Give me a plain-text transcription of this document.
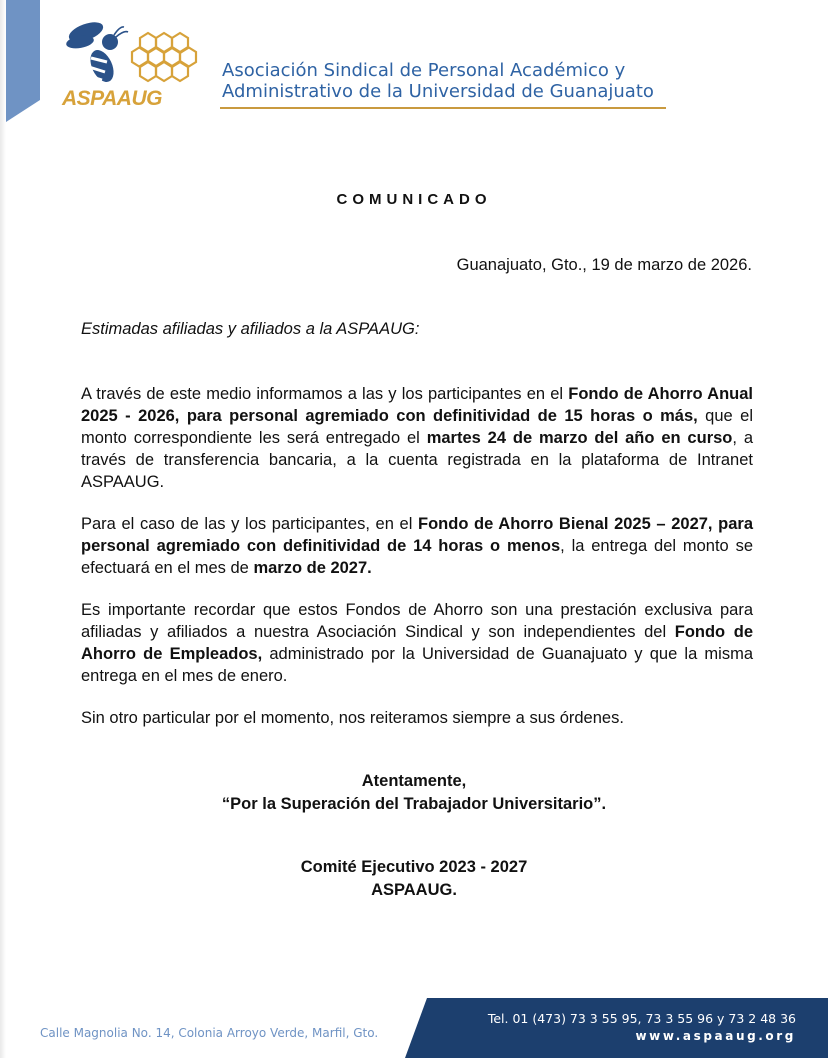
ASPAAUG
Asociación Sindical de Personal Académico y
Administrativo de la Universidad de Guanajuato
COMUNICADO
Guanajuato, Gto., 19 de marzo de 2026.
Estimadas afiliadas y afiliados a la ASPAAUG:
A través de este medio informamos a las y los participantes en el Fondo de Ahorro Anual 2025 - 2026, para personal agremiado con definitividad de 15 horas o más, que el monto correspondiente les será entregado el martes 24 de marzo del año en curso, a través de transferencia bancaria, a la cuenta registrada en la plataforma de Intranet ASPAAUG.
Para el caso de las y los participantes, en el Fondo de Ahorro Bienal 2025 – 2027, para personal agremiado con definitividad de 14 horas o menos, la entrega del monto se efectuará en el mes de marzo de 2027.
Es importante recordar que estos Fondos de Ahorro son una prestación exclusiva para afiliadas y afiliados a nuestra Asociación Sindical y son independientes del Fondo de Ahorro de Empleados, administrado por la Universidad de Guanajuato y que la misma entrega en el mes de enero.
Sin otro particular por el momento, nos reiteramos siempre a sus órdenes.
Atentamente,
“Por la Superación del Trabajador Universitario”.
Comité Ejecutivo 2023 - 2027
ASPAAUG.
Calle Magnolia No. 14, Colonia Arroyo Verde, Marfil, Gto.
Tel. 01 (473) 73 3 55 95, 73 3 55 96 y 73 2 48 36
www.aspaaug.org
